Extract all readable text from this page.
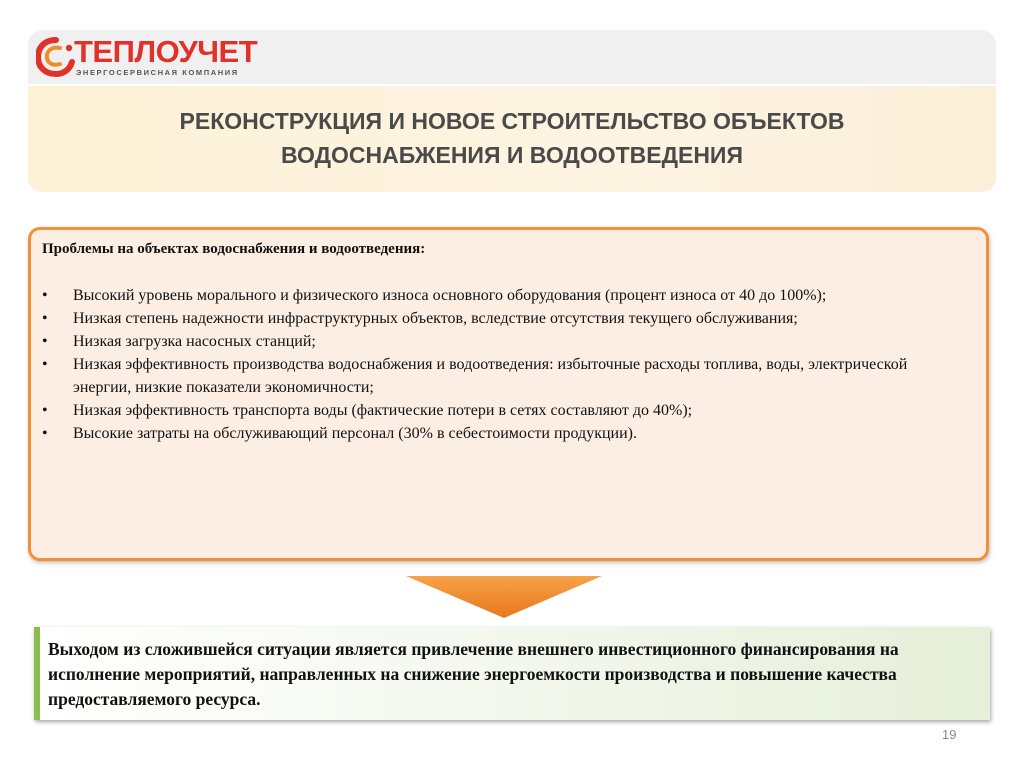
ТЕПЛОУЧЕТ
ЭНЕРГОСЕРВИСНАЯ КОМПАНИЯ
РЕКОНСТРУКЦИЯ И НОВОЕ СТРОИТЕЛЬСТВО ОБЪЕКТОВ
ВОДОСНАБЖЕНИЯ И ВОДООТВЕДЕНИЯ
Проблемы на объектах водоснабжения и водоотведения:
• Высокий уровень морального и физического износа основного оборудования (процент износа от 40 до 100%);
• Низкая степень надежности инфраструктурных объектов, вследствие отсутствия текущего обслуживания;
• Низкая загрузка насосных станций;
• Низкая эффективность производства водоснабжения и водоотведения: избыточные расходы топлива, воды, электрической энергии, низкие показатели экономичности;
• Низкая эффективность транспорта воды (фактические потери в сетях составляют до 40%);
• Высокие затраты на обслуживающий персонал (30% в себестоимости продукции).
Выходом из сложившейся ситуации является привлечение внешнего инвестиционного финансирования на исполнение мероприятий, направленных на снижение энергоемкости производства и повышение качества предоставляемого ресурса.
19
